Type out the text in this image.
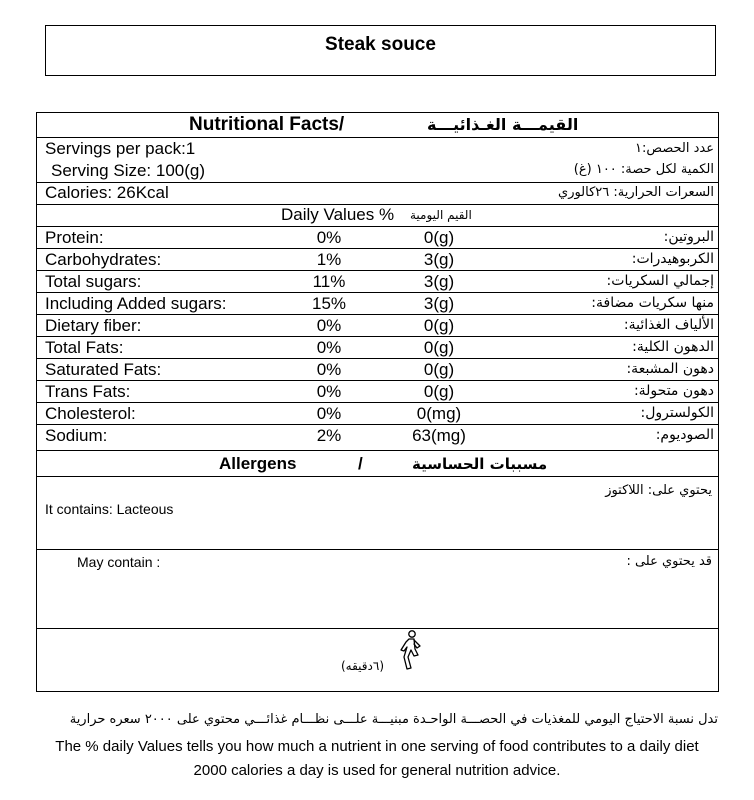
Steak souce
Nutritional Facts/	القيمـــة الغـذائيـــة
Servings per pack:1	عدد الحصص:١
Serving Size: 100(g)	الكمية لكل حصة: ١٠٠ (غ)
Calories: 26Kcal	السعرات الحرارية: ٢٦كالوري
Daily Values % القيم اليومية
Protein:	0%	0(g)	البروتين:
Carbohydrates:	1%	3(g)	الكربوهيدرات:
Total sugars:	11%	3(g)	إجمالي السكريات:
Including Added sugars:	15%	3(g)	منها سكريات مضافة:
Dietary fiber:	0%	0(g)	الألياف الغذائية:
Total Fats:	0%	0(g)	الدهون الكلية:
Saturated Fats:	0%	0(g)	دهون المشبعة:
Trans Fats:	0%	0(g)	دهون متحولة:
Cholesterol:	0%	0(mg)	الكولسترول:
Sodium:	2%	63(mg)	الصوديوم:
Allergens	/	مسببات الحساسية
يحتوي على: اللاكتوز
It contains: Lacteous
May contain :	قد يحتوي على :
(٦دقيقه)
تدل نسبة الاحتياج اليومي للمغذيات في الحصـــة الواحـدة مبنيـــة علـــى نظـــام غذائـــي محتوي على ٢٠٠٠ سعره حرارية
The % daily Values tells you how much a nutrient in one serving of food contributes to a daily diet
2000 calories a day is used for general nutrition advice.
